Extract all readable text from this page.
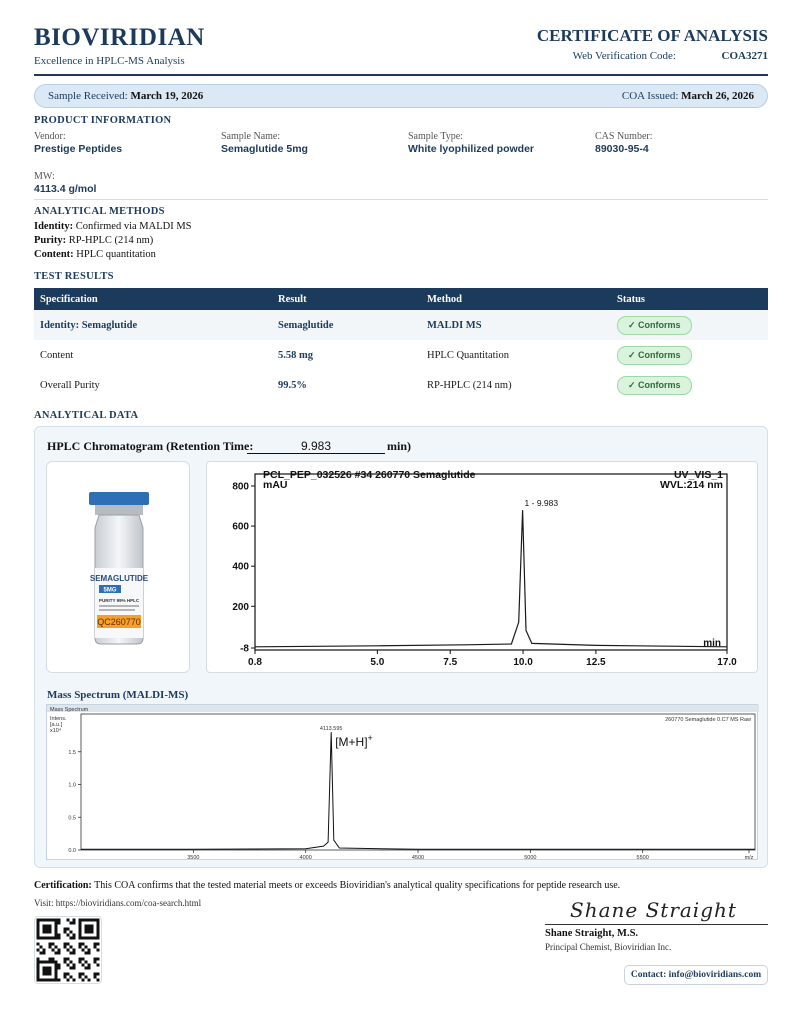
BIOVIRIDIAN
Excellence in HPLC-MS Analysis
CERTIFICATE OF ANALYSIS
Web Verification Code:	COA3271
Sample Received: March 19, 2026	COA Issued: March 26, 2026
PRODUCT INFORMATION
Vendor:
Prestige Peptides
Sample Name:
Semaglutide 5mg
Sample Type:
White lyophilized powder
CAS Number:
89030-95-4
MW:
4113.4 g/mol
ANALYTICAL METHODS
Identity: Confirmed via MALDI MS
Purity: RP-HPLC (214 nm)
Content: HPLC quantitation
TEST RESULTS
Specification	Result	Method	Status
Identity: Semaglutide	Semaglutide	MALDI MS	✓ Conforms
Content	5.58 mg	HPLC Quantitation	✓ Conforms
Overall Purity	99.5%	RP-HPLC (214 nm)	✓ Conforms
ANALYTICAL DATA
HPLC Chromatogram (Retention Time:	9.983	min)
SEMAGLUTIDE
5MG
PURITY 99% HPLC
QC260770
PCL_PEP_032526 #34 260770 Semaglutide	UV_VIS_1
mAU	WVL:214 nm
min
800
600
400
200
-8
0.8	5.0	7.5	10.0	12.5	17.0
1 - 9.983
Mass Spectrum (MALDI-MS)
Mass Spectrum
Intens.
[a.u.]
x10⁴
260770 Semaglutide 0.C7 MS Raw
1.5
1.0
0.5
0.0
3500	4000	4500	5000	5500	m/z
4113.595
[M+H]+
Certification: This COA confirms that the tested material meets or exceeds Bioviridian's analytical quality specifications for peptide research use.
Visit: https://bioviridians.com/coa-search.html	Shane Straight
Shane Straight, M.S.
Principal Chemist, Bioviridian Inc.
Contact: info@bioviridians.com
